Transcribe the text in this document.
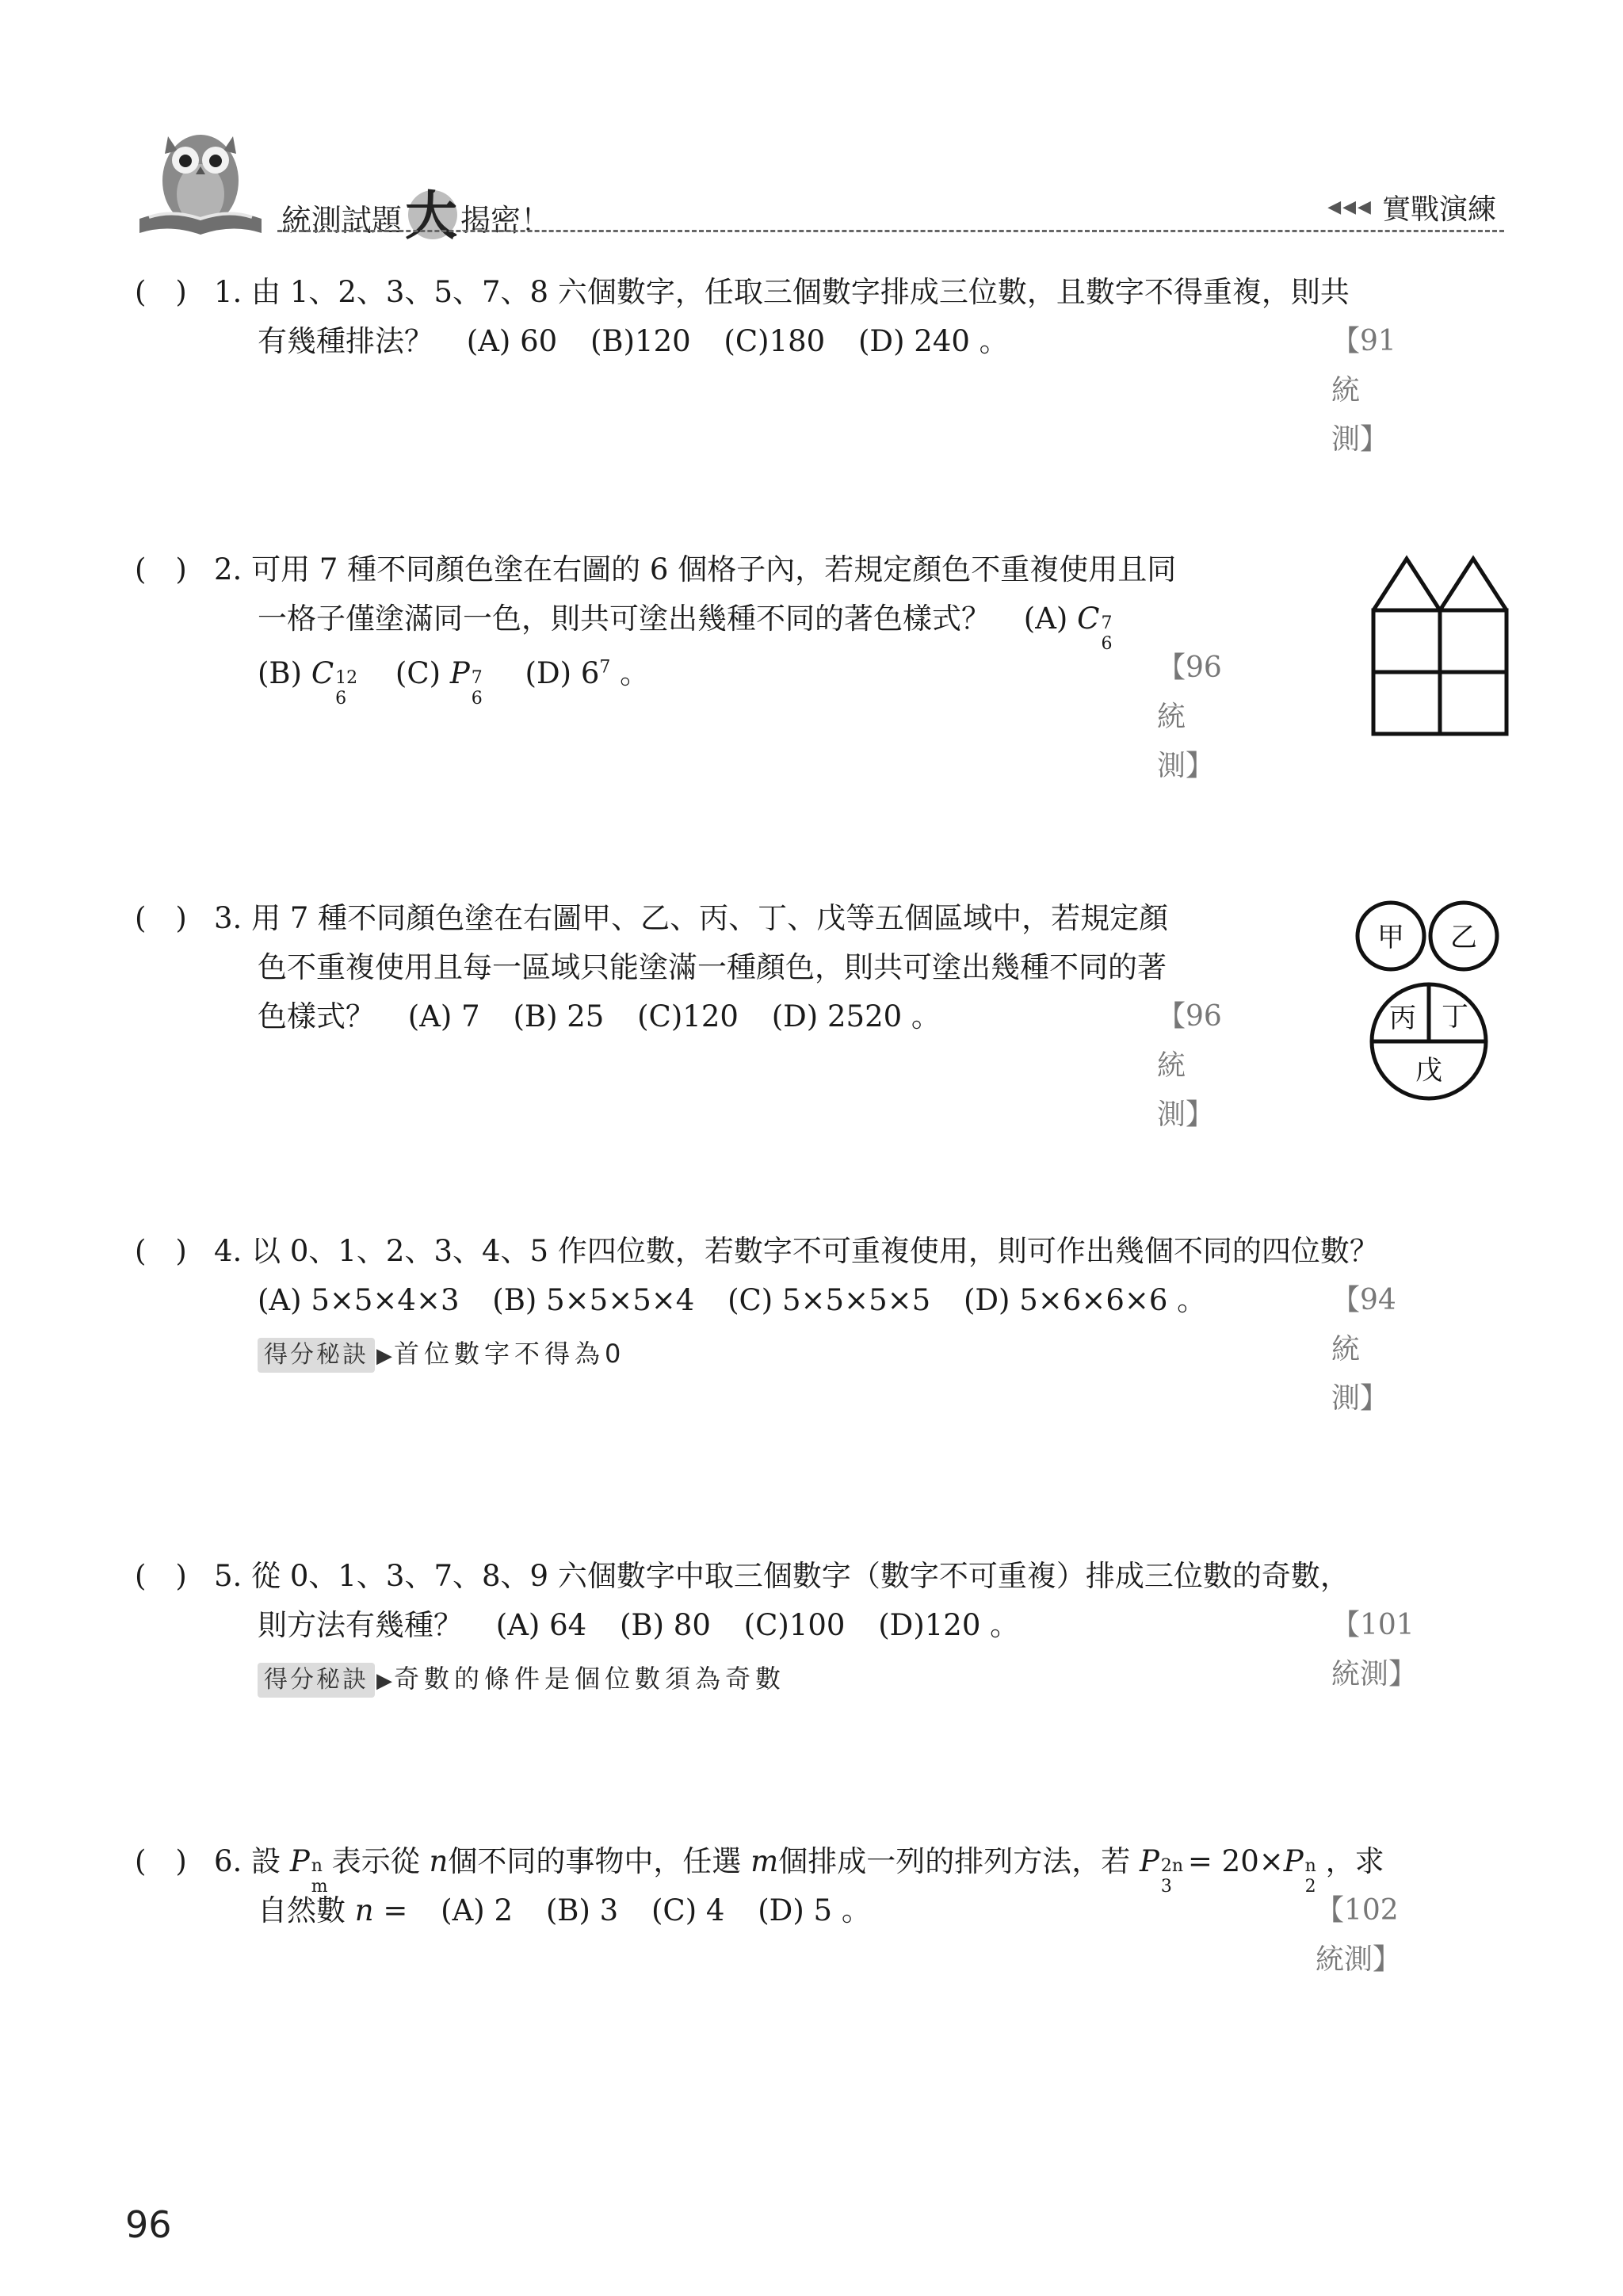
統測試題 大 揭密！	◀◀◀ 實戰演練
(　) 1. 由 1、2、3、5、7、8 六個數字，任取三個數字排成三位數，且數字不得重複，則共
有幾種排法？ (A) 60 (B)120 (C)180 (D) 240 。	【91 統測】
(　) 2. 可用 7 種不同顏色塗在右圖的 6 個格子內，若規定顏色不重複使用且同
一格子僅塗滿同一色，則共可塗出幾種不同的著色樣式？ (A) C 7
6
(B) C 12
6
(C) P 7
6
(D) $6^7$ 。	【96 統測】
(　) 3. 用 7 種不同顏色塗在右圖甲、乙、丙、丁、戊等五個區域中，若規定顏
色不重複使用且每一區域只能塗滿一種顏色，則共可塗出幾種不同的著
色樣式？ (A) 7 (B) 25 (C)120 (D) 2520 。	【96 統測】
甲 乙
丙 丁
戊
(　) 4. 以 0、1、2、3、4、5 作四位數，若數字不可重複使用，則可作出幾個不同的四位數？
(A) 5×5×4×3 (B) 5×5×5×4 (C) 5×5×5×5 (D) 5×6×6×6 。
得分秘訣 ▶首位數字不得為0
【94 統測】
(　) 5. 從 0、1、3、7、8、9 六個數字中取三個數字（數字不可重複）排成三位數的奇數，
則方法有幾種？ (A) 64 (B) 80 (C)100 (D)120 。
得分秘訣 ▶奇數的條件是個位數須為奇數
【101 統測】
(　) 6. 設 P n
m
表示從 n個不同的事物中，任選 m個排成一列的排列方法，若 P 2n
3
= 20×P n
2
，求
自然數 n = (A) 2 (B) 3 (C) 4 (D) 5 。	【102 統測】
96
